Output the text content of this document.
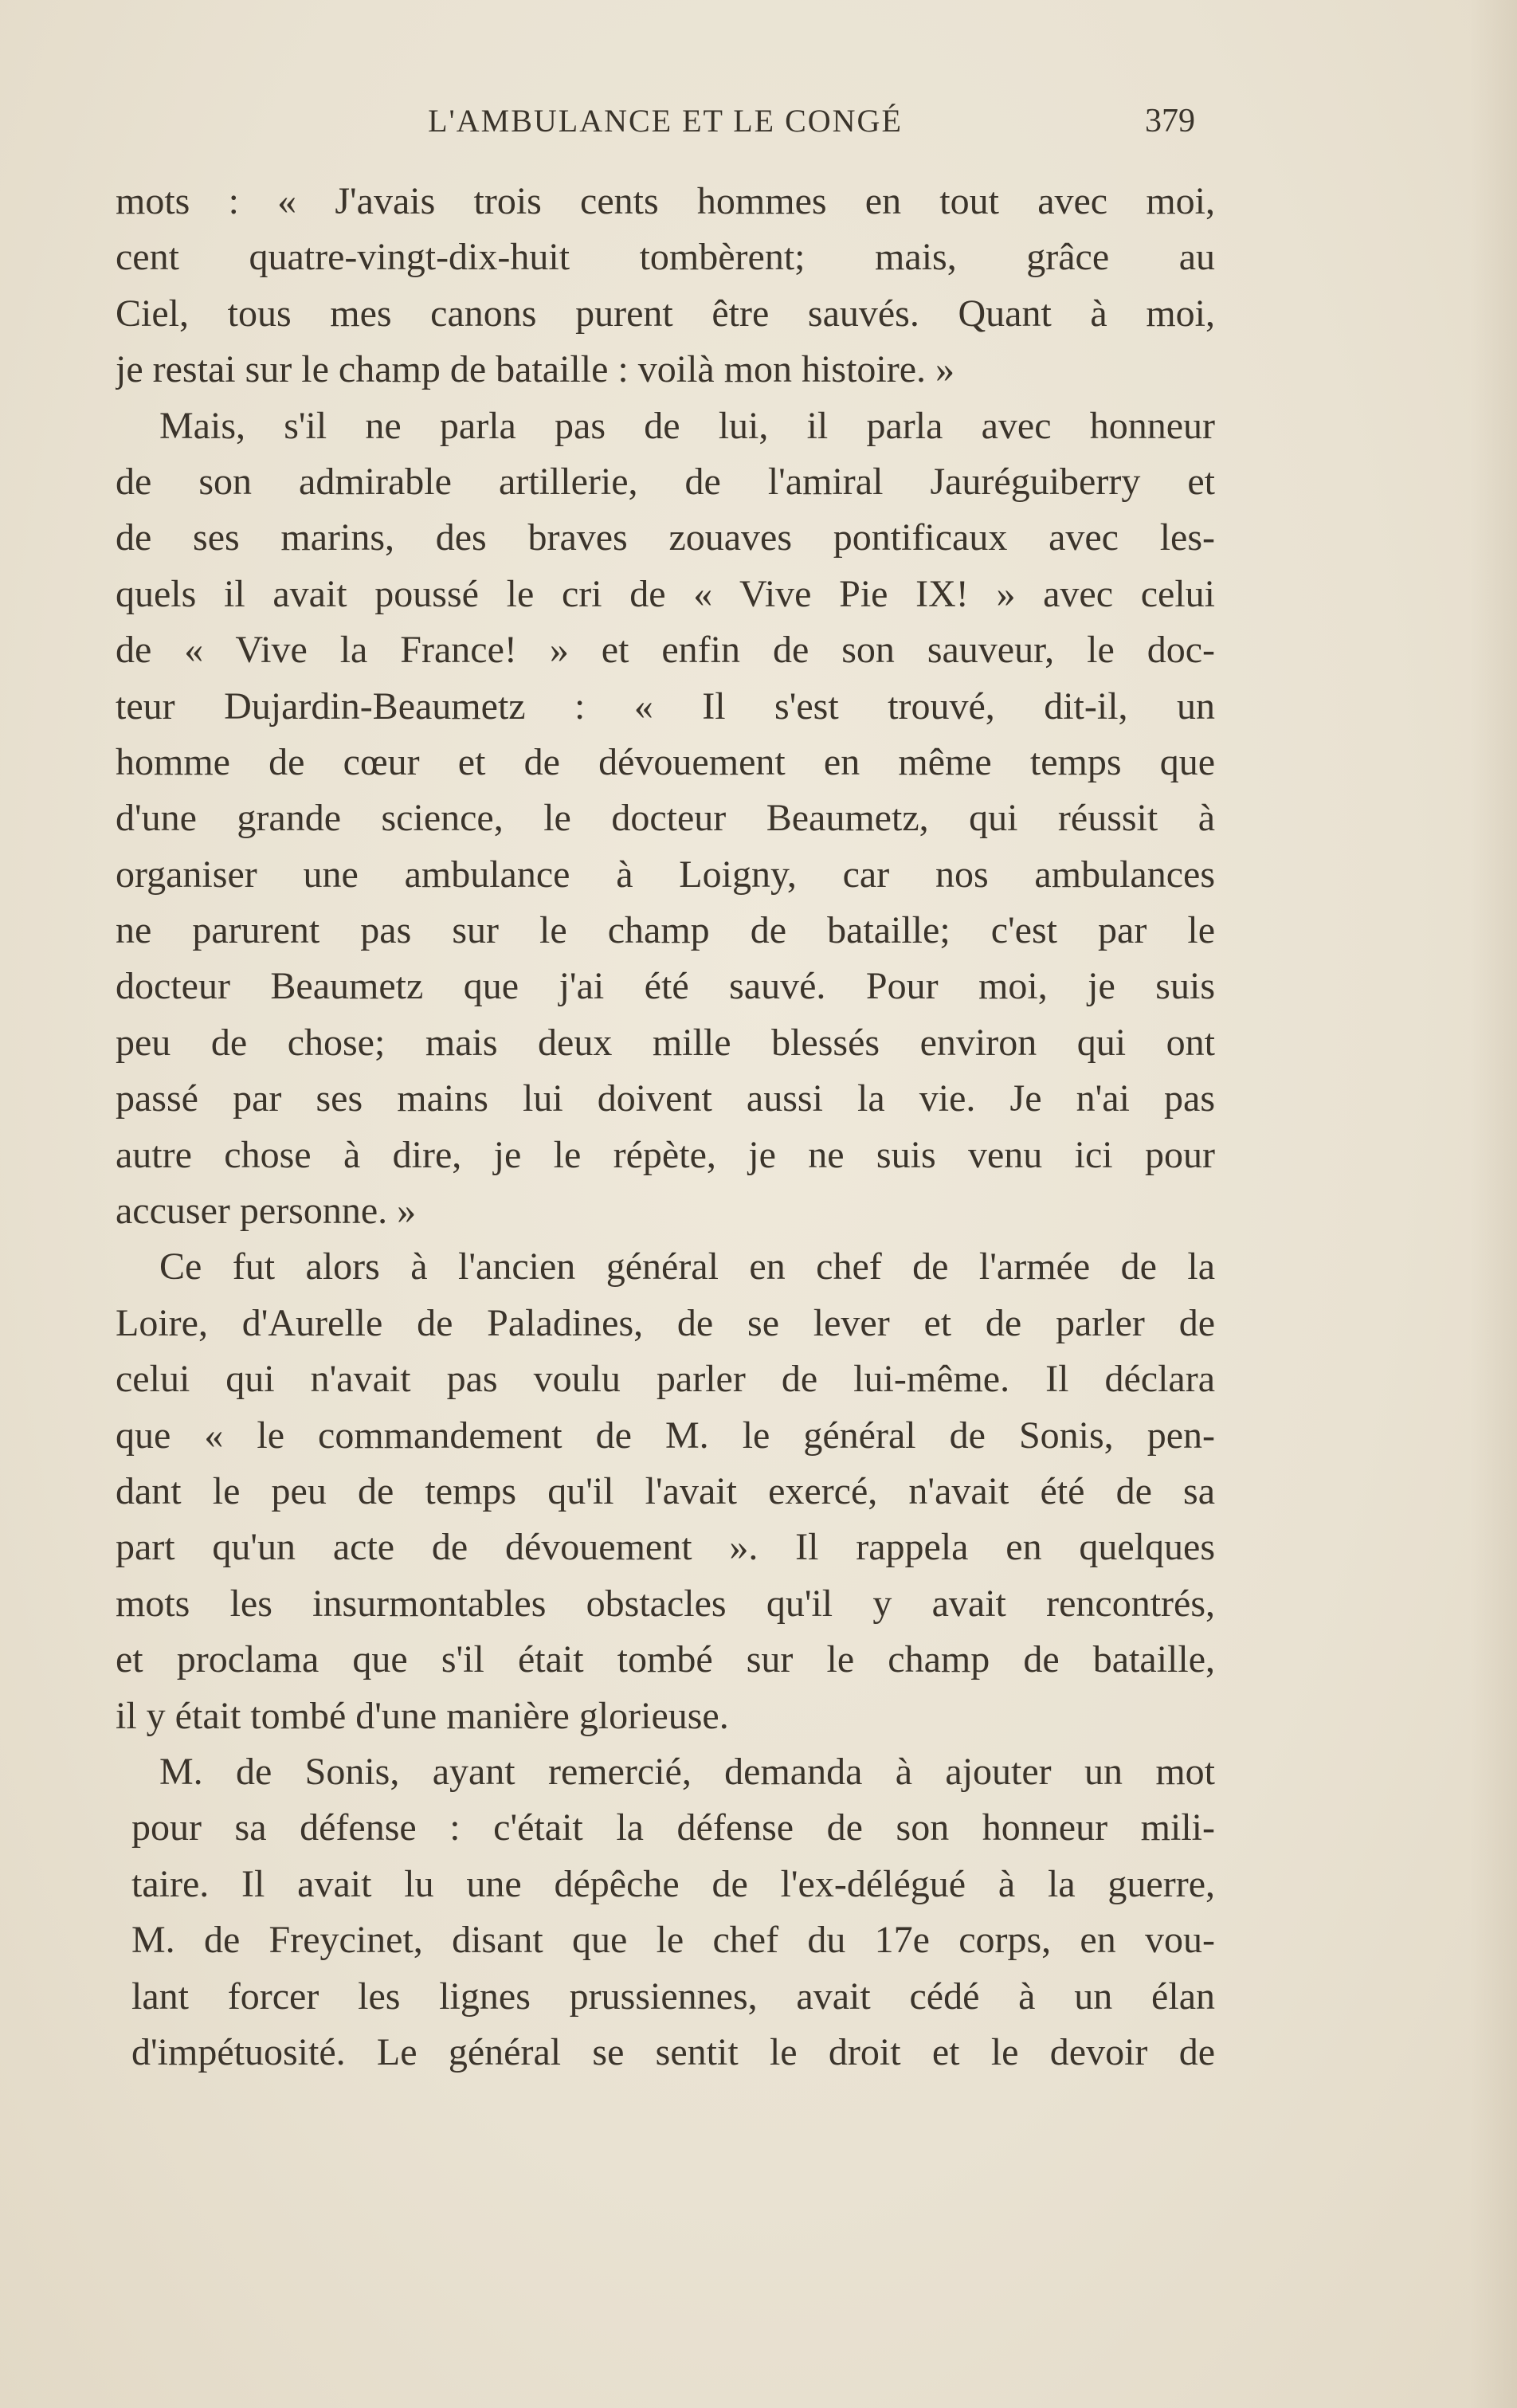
L'AMBULANCE ET LE CONGÉ	379
mots : « J'avais trois cents hommes en tout avec moi,
cent quatre-vingt-dix-huit tombèrent; mais, grâce au
Ciel, tous mes canons purent être sauvés. Quant à moi,
je restai sur le champ de bataille : voilà mon histoire. »
Mais, s'il ne parla pas de lui, il parla avec honneur
de son admirable artillerie, de l'amiral Jauréguiberry et
de ses marins, des braves zouaves pontificaux avec les-
quels il avait poussé le cri de « Vive Pie IX! » avec celui
de « Vive la France! » et enfin de son sauveur, le doc-
teur Dujardin-Beaumetz : « Il s'est trouvé, dit-il, un
homme de cœur et de dévouement en même temps que
d'une grande science, le docteur Beaumetz, qui réussit à
organiser une ambulance à Loigny, car nos ambulances
ne parurent pas sur le champ de bataille; c'est par le
docteur Beaumetz que j'ai été sauvé. Pour moi, je suis
peu de chose; mais deux mille blessés environ qui ont
passé par ses mains lui doivent aussi la vie. Je n'ai pas
autre chose à dire, je le répète, je ne suis venu ici pour
accuser personne. »
Ce fut alors à l'ancien général en chef de l'armée de la
Loire, d'Aurelle de Paladines, de se lever et de parler de
celui qui n'avait pas voulu parler de lui-même. Il déclara
que « le commandement de M. le général de Sonis, pen-
dant le peu de temps qu'il l'avait exercé, n'avait été de sa
part qu'un acte de dévouement ». Il rappela en quelques
mots les insurmontables obstacles qu'il y avait rencontrés,
et proclama que s'il était tombé sur le champ de bataille,
il y était tombé d'une manière glorieuse.
M. de Sonis, ayant remercié, demanda à ajouter un mot
pour sa défense : c'était la défense de son honneur mili-
taire. Il avait lu une dépêche de l'ex-délégué à la guerre,
M. de Freycinet, disant que le chef du 17e corps, en vou-
lant forcer les lignes prussiennes, avait cédé à un élan
d'impétuosité. Le général se sentit le droit et le devoir de
